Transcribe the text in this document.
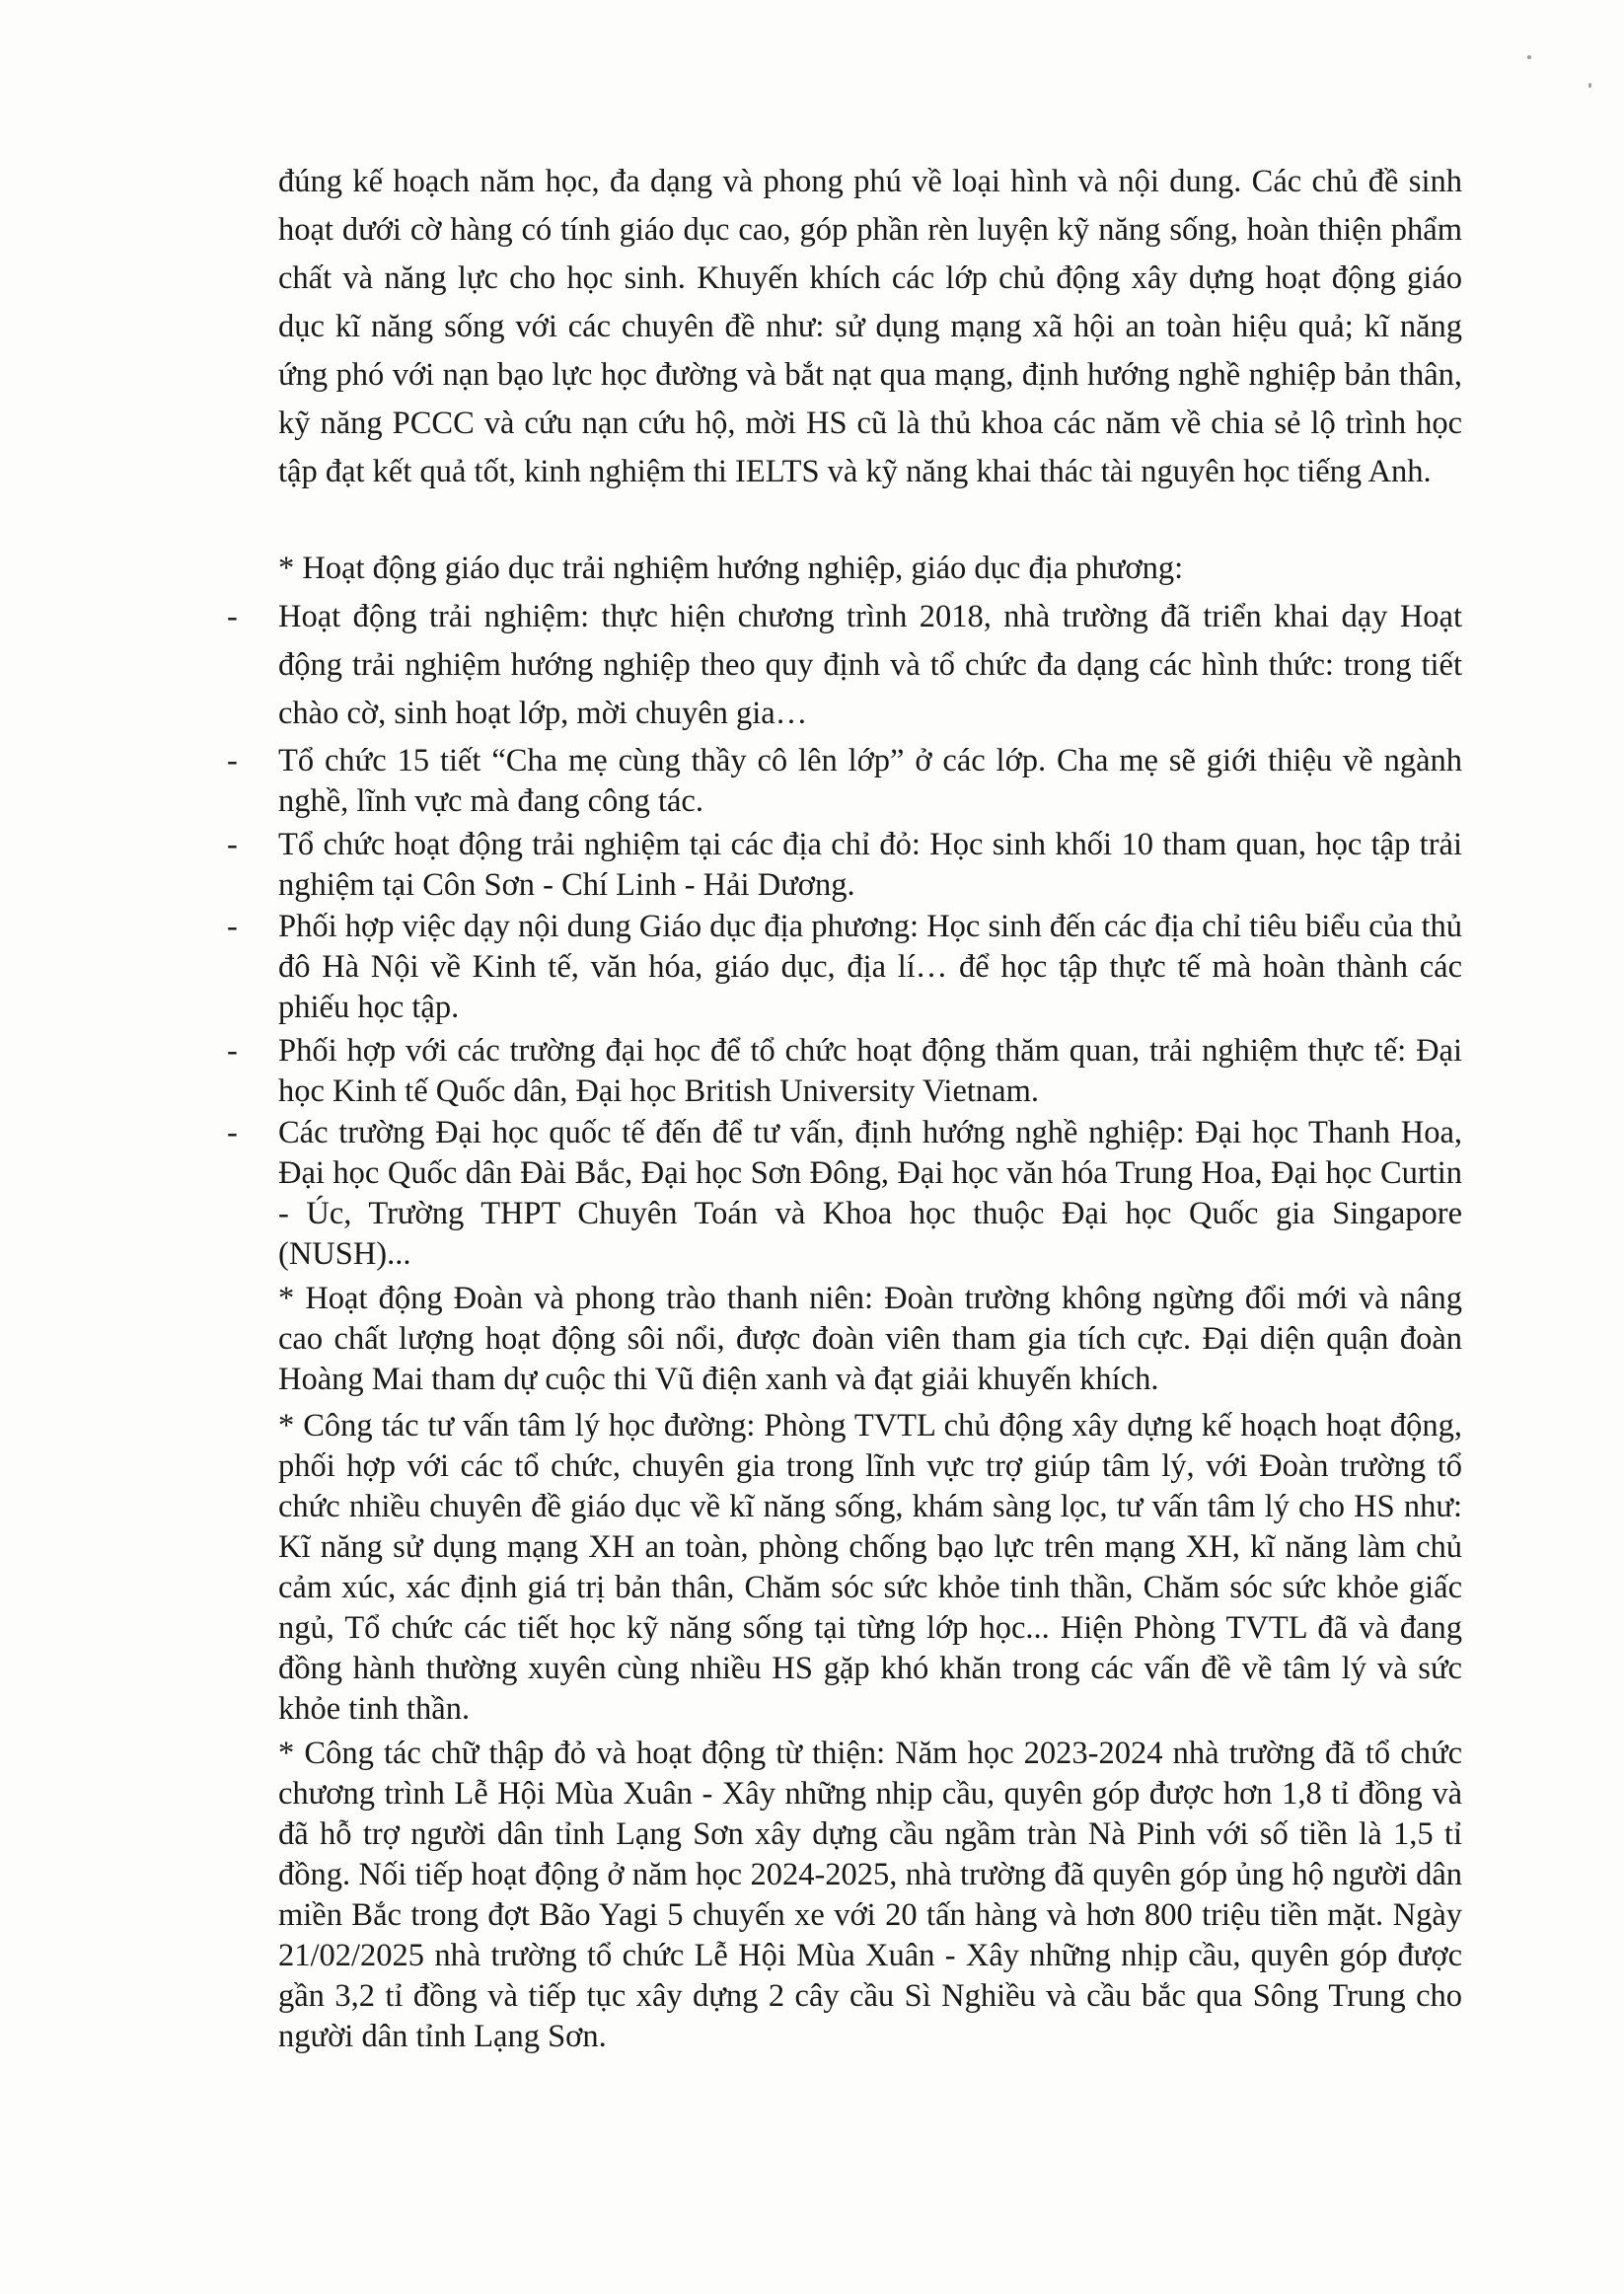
đúng kế hoạch năm học, đa dạng và phong phú về loại hình và nội dung. Các chủ đề sinh hoạt dưới cờ hàng có tính giáo dục cao, góp phần rèn luyện kỹ năng sống, hoàn thiện phẩm chất và năng lực cho học sinh. Khuyến khích các lớp chủ động xây dựng hoạt động giáo dục kĩ năng sống với các chuyên đề như: sử dụng mạng xã hội an toàn hiệu quả; kĩ năng ứng phó với nạn bạo lực học đường và bắt nạt qua mạng, định hướng nghề nghiệp bản thân, kỹ năng PCCC và cứu nạn cứu hộ, mời HS cũ là thủ khoa các năm về chia sẻ lộ trình học tập đạt kết quả tốt, kinh nghiệm thi IELTS và kỹ năng khai thác tài nguyên học tiếng Anh.

* Hoạt động giáo dục trải nghiệm hướng nghiệp, giáo dục địa phương:

-	Hoạt động trải nghiệm: thực hiện chương trình 2018, nhà trường đã triển khai dạy Hoạt động trải nghiệm hướng nghiệp theo quy định và tổ chức đa dạng các hình thức: trong tiết chào cờ, sinh hoạt lớp, mời chuyên gia…

-	Tổ chức 15 tiết “Cha mẹ cùng thầy cô lên lớp” ở các lớp. Cha mẹ sẽ giới thiệu về ngành nghề, lĩnh vực mà đang công tác.

-	Tổ chức hoạt động trải nghiệm tại các địa chỉ đỏ: Học sinh khối 10 tham quan, học tập trải nghiệm tại Côn Sơn - Chí Linh - Hải Dương.

-	Phối hợp việc dạy nội dung Giáo dục địa phương: Học sinh đến các địa chỉ tiêu biểu của thủ đô Hà Nội về Kinh tế, văn hóa, giáo dục, địa lí… để học tập thực tế mà hoàn thành các phiếu học tập.

-	Phối hợp với các trường đại học để tổ chức hoạt động thăm quan, trải nghiệm thực tế: Đại học Kinh tế Quốc dân, Đại học British University Vietnam.

-	Các trường Đại học quốc tế đến để tư vấn, định hướng nghề nghiệp: Đại học Thanh Hoa, Đại học Quốc dân Đài Bắc, Đại học Sơn Đông, Đại học văn hóa Trung Hoa, Đại học Curtin - Úc, Trường THPT Chuyên Toán và Khoa học thuộc Đại học Quốc gia Singapore (NUSH)...

* Hoạt động Đoàn và phong trào thanh niên: Đoàn trường không ngừng đổi mới và nâng cao chất lượng hoạt động sôi nổi, được đoàn viên tham gia tích cực. Đại diện quận đoàn Hoàng Mai tham dự cuộc thi Vũ điện xanh và đạt giải khuyến khích.

* Công tác tư vấn tâm lý học đường: Phòng TVTL chủ động xây dựng kế hoạch hoạt động, phối hợp với các tổ chức, chuyên gia trong lĩnh vực trợ giúp tâm lý, với Đoàn trường tổ chức nhiều chuyên đề giáo dục về kĩ năng sống, khám sàng lọc, tư vấn tâm lý cho HS như: Kĩ năng sử dụng mạng XH an toàn, phòng chống bạo lực trên mạng XH, kĩ năng làm chủ cảm xúc, xác định giá trị bản thân, Chăm sóc sức khỏe tinh thần, Chăm sóc sức khỏe giấc ngủ, Tổ chức các tiết học kỹ năng sống tại từng lớp học... Hiện Phòng TVTL đã và đang đồng hành thường xuyên cùng nhiều HS gặp khó khăn trong các vấn đề về tâm lý và sức khỏe tinh thần.

* Công tác chữ thập đỏ và hoạt động từ thiện: Năm học 2023-2024 nhà trường đã tổ chức chương trình Lễ Hội Mùa Xuân - Xây những nhịp cầu, quyên góp được hơn 1,8 tỉ đồng và đã hỗ trợ người dân tỉnh Lạng Sơn xây dựng cầu ngầm tràn Nà Pinh với số tiền là 1,5 tỉ đồng. Nối tiếp hoạt động ở năm học 2024-2025, nhà trường đã quyên góp ủng hộ người dân miền Bắc trong đợt Bão Yagi 5 chuyến xe với 20 tấn hàng và hơn 800 triệu tiền mặt. Ngày 21/02/2025 nhà trường tổ chức Lễ Hội Mùa Xuân - Xây những nhịp cầu, quyên góp được gần 3,2 tỉ đồng và tiếp tục xây dựng 2 cây cầu Sì Nghiều và cầu bắc qua Sông Trung cho người dân tỉnh Lạng Sơn.
